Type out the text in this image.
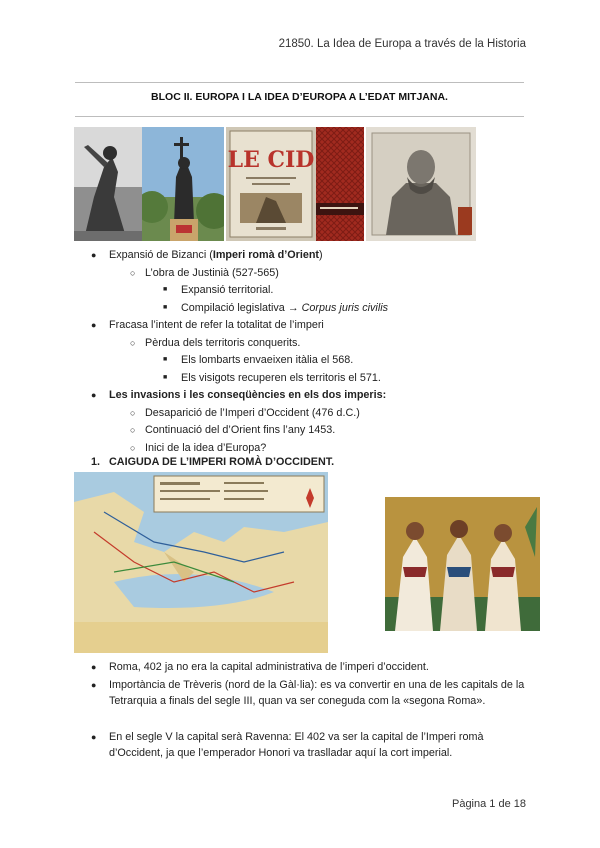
21850. La Idea de Europa a través de la Historia
BLOC II. EUROPA I LA IDEA D’EUROPA A L’EDAT MITJANA.
LE CID
● Expansió de Bizanci (Imperi romà d’Orient)
○ L’obra de Justinià (527-565)
■ Expansió territorial.
■ Compilació legislativa → Corpus juris civilis
● Fracasa l’intent de refer la totalitat de l’imperi
○ Pèrdua dels territoris conquerits.
■ Els lombarts envaeixen itàlia el 568.
■ Els visigots recuperen els territoris el 571.
● Les invasions i les conseqüències en els dos imperis:
○ Desaparició de l’Imperi d’Occident (476 d.C.)
○ Continuació del d’Orient fins l’any 1453.
○ Inici de la idea d’Europa?
1. CAIGUDA DE L’IMPERI ROMÀ D’OCCIDENT.
● Roma, 402 ja no era la capital administrativa de l’imperi d’occident.
● Importància de Trèveris (nord de la Gàl·lia): es va convertir en una de les capitals de la Tetrarquia a finals del segle III, quan va ser coneguda com la «segona Roma».
● En el segle V la capital serà Ravenna: El 402 va ser la capital de l’Imperi romà d’Occident, ja que l’emperador Honori va traslladar aquí la cort imperial.
Pàgina 1 de 18
